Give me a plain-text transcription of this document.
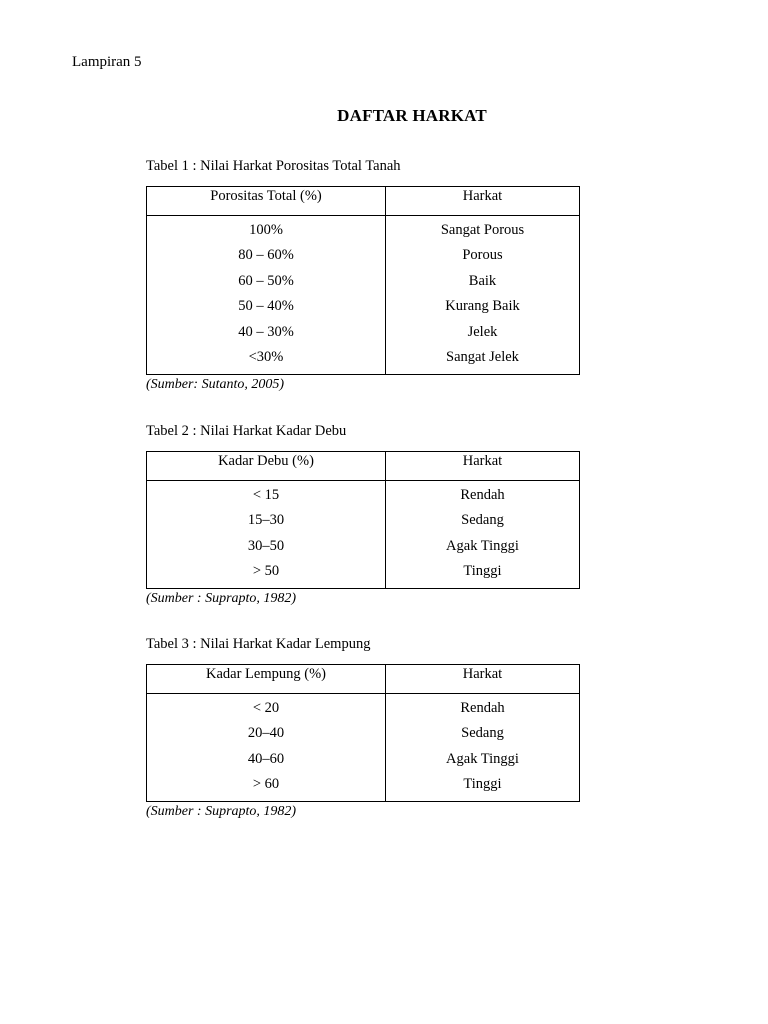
Lampiran 5
DAFTAR HARKAT
Tabel 1 : Nilai Harkat Porositas Total Tanah
Porositas Total (%)	Harkat
100%	Sangat Porous
80 – 60%	Porous
60 – 50%	Baik
50 – 40%	Kurang Baik
40 – 30%	Jelek
<30%	Sangat Jelek
(Sumber: Sutanto, 2005)
Tabel 2 : Nilai Harkat Kadar Debu
Kadar Debu (%)	Harkat
< 15	Rendah
15–30	Sedang
30–50	Agak Tinggi
> 50	Tinggi
(Sumber : Suprapto, 1982)
Tabel 3 : Nilai Harkat Kadar Lempung
Kadar Lempung (%)	Harkat
< 20	Rendah
20–40	Sedang
40–60	Agak Tinggi
> 60	Tinggi
(Sumber : Suprapto, 1982)
